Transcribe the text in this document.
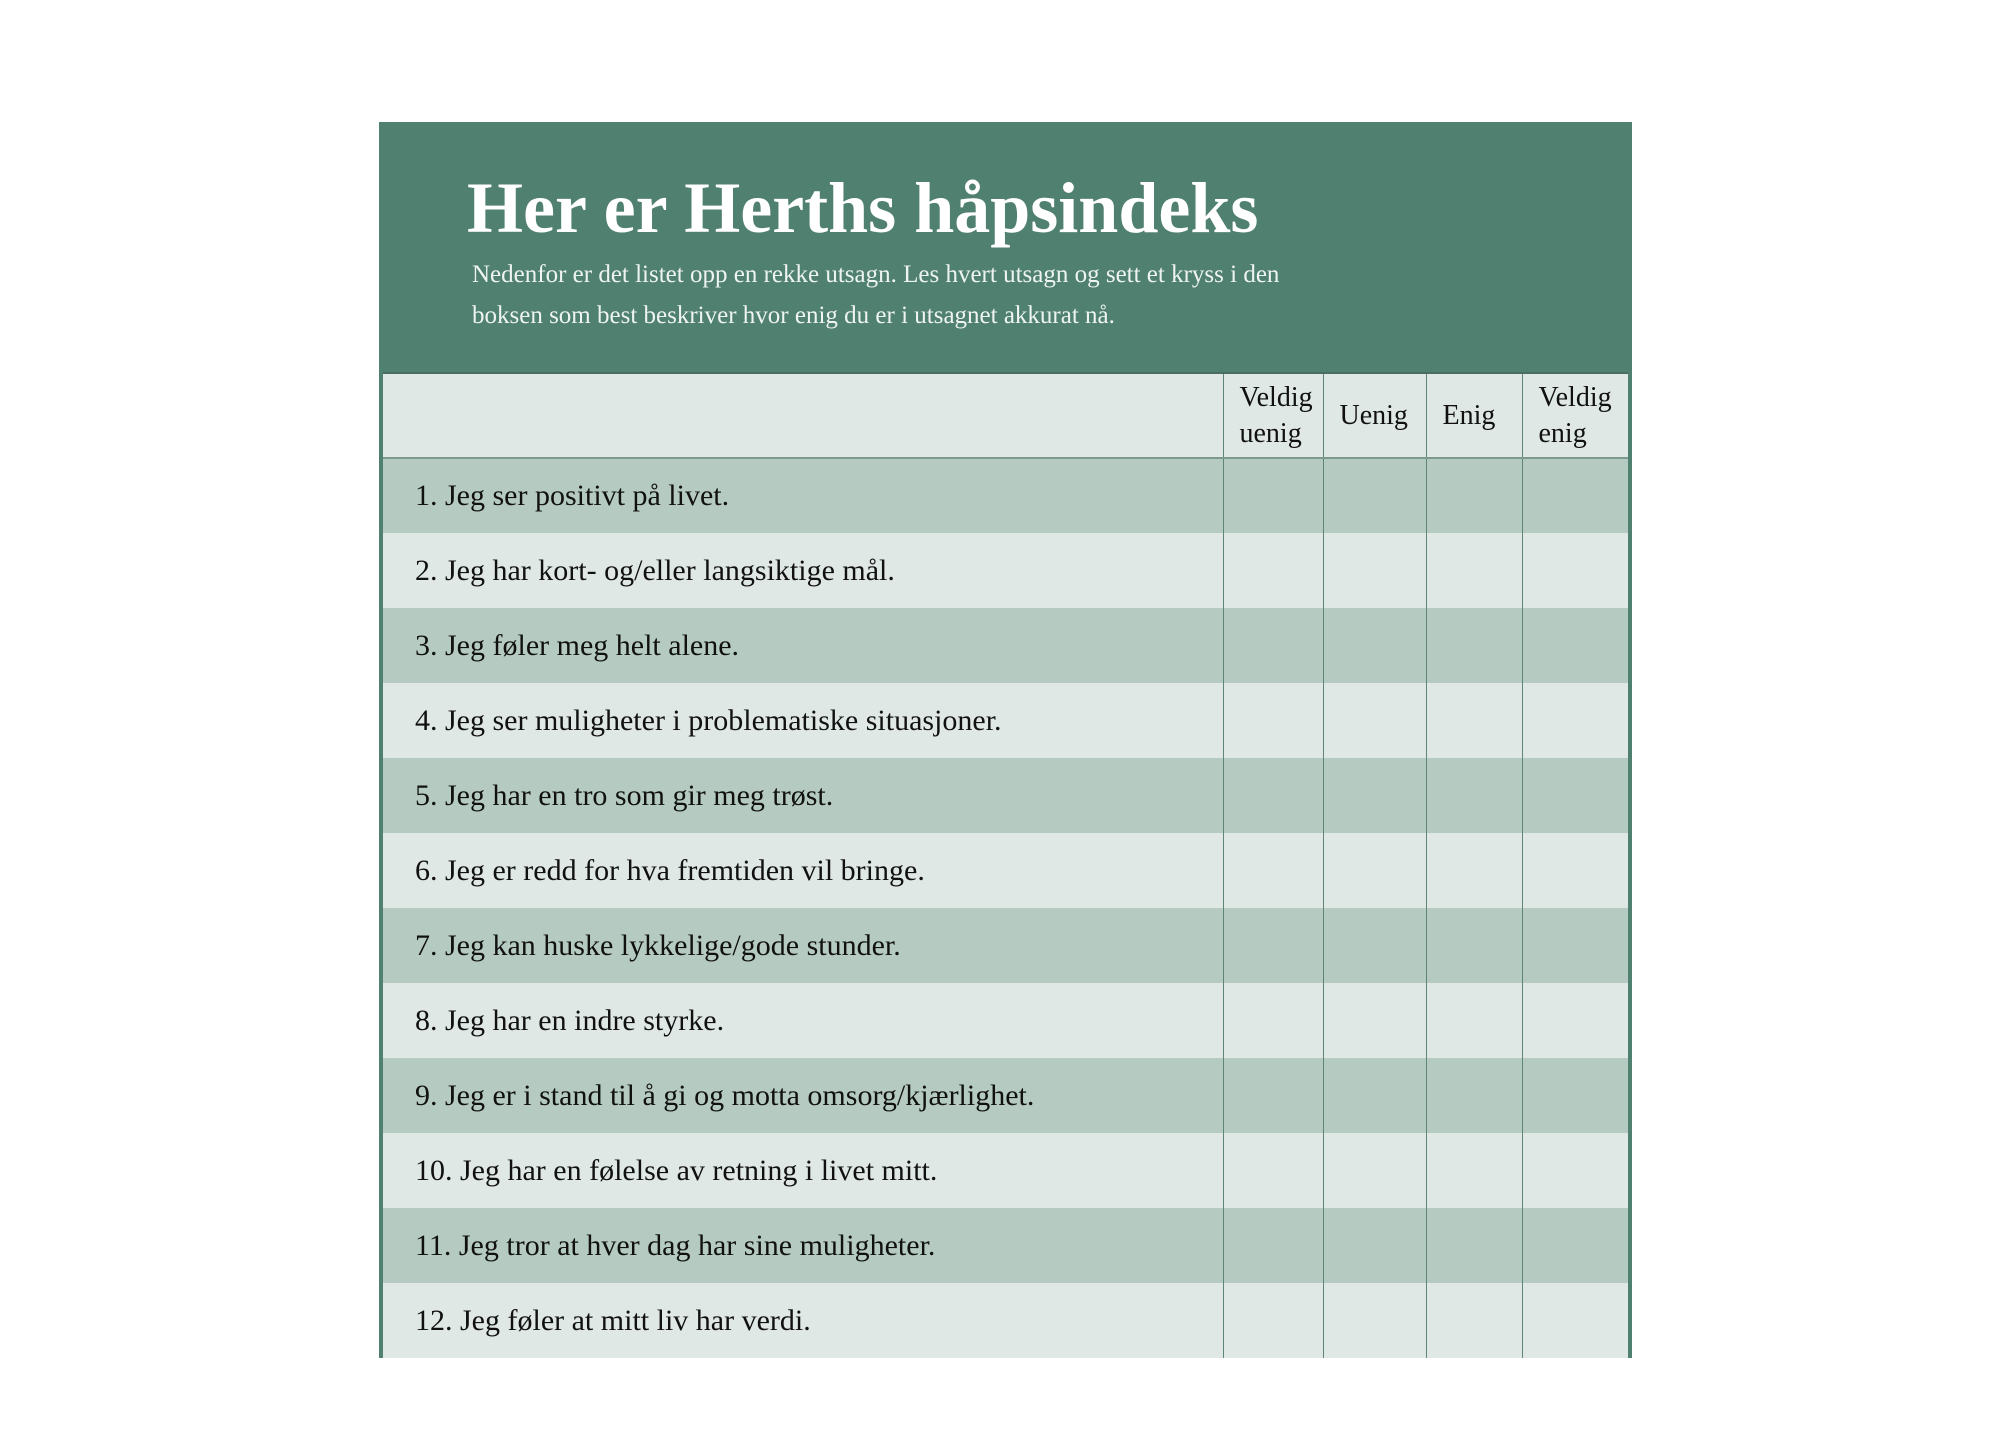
Her er Herths håpsindeks

Nedenfor er det listet opp en rekke utsagn. Les hvert utsagn og sett et kryss i den boksen som best beskriver hvor enig du er i utsagnet akkurat nå.

	Veldig uenig	Uenig	Enig	Veldig enig
1. Jeg ser positivt på livet.				
2. Jeg har kort- og/eller langsiktige mål.				
3. Jeg føler meg helt alene.				
4. Jeg ser muligheter i problematiske situasjoner.				
5. Jeg har en tro som gir meg trøst.				
6. Jeg er redd for hva fremtiden vil bringe.				
7. Jeg kan huske lykkelige/gode stunder.				
8. Jeg har en indre styrke.				
9. Jeg er i stand til å gi og motta omsorg/kjærlighet.				
10. Jeg har en følelse av retning i livet mitt.				
11. Jeg tror at hver dag har sine muligheter.				
12. Jeg føler at mitt liv har verdi.				
